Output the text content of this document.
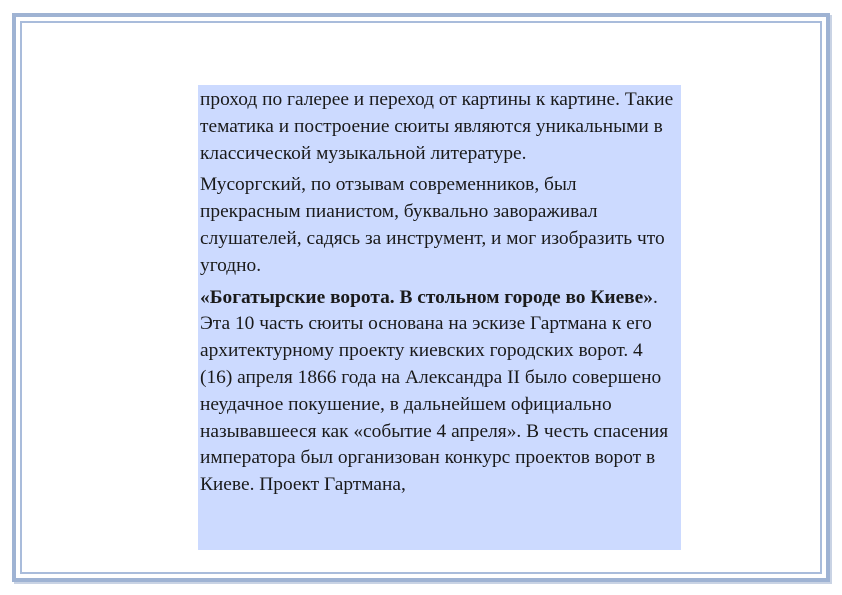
проход по галерее и переход от картины к картине. Такие тематика и построение сюиты являются уникальными в классической музыкальной литературе.

Мусоргский, по отзывам современников, был прекрасным пианистом, буквально завораживал слушателей, садясь за инструмент, и мог изобразить что угодно.

«Богатырские ворота. В стольном городе во Киеве». Эта 10 часть сюиты основана на эскизе Гартмана к его архитектурному проекту киевских городских ворот. 4 (16) апреля 1866 года на Александра II было совершено неудачное покушение, в дальнейшем официально называвшееся как «событие 4 апреля». В честь спасения императора был организован конкурс проектов ворот в Киеве. Проект Гартмана,
